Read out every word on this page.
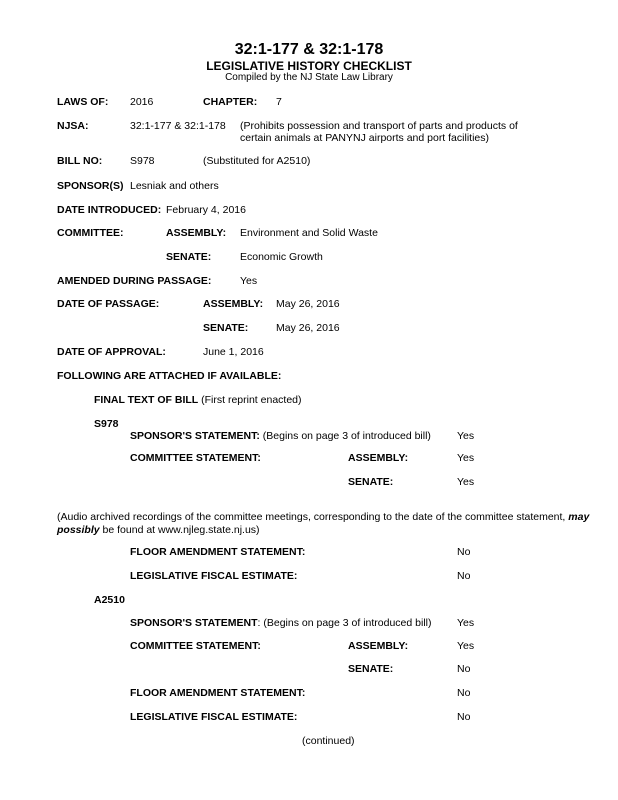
32:1-177 & 32:1-178
LEGISLATIVE HISTORY CHECKLIST
Compiled by the NJ State Law Library
LAWS OF: 2016	CHAPTER: 7
NJSA:	32:1-177 & 32:1-178 (Prohibits possession and transport of parts and products of
certain animals at PANYNJ airports and port facilities)
BILL NO:	S978	(Substituted for A2510)
SPONSOR(S) Lesniak and others
DATE INTRODUCED: February 4, 2016
COMMITTEE:	ASSEMBLY: Environment and Solid Waste
SENATE:	Economic Growth
AMENDED DURING PASSAGE:	Yes
DATE OF PASSAGE:	ASSEMBLY: May 26, 2016
SENATE:	May 26, 2016
DATE OF APPROVAL:	June 1, 2016
FOLLOWING ARE ATTACHED IF AVAILABLE:
FINAL TEXT OF BILL (First reprint enacted)
S978
SPONSOR'S STATEMENT: (Begins on page 3 of introduced bill) Yes
COMMITTEE STATEMENT:	ASSEMBLY:	Yes
SENATE:	Yes
(Audio archived recordings of the committee meetings, corresponding to the date of the committee statement, may possibly be found at www.njleg.state.nj.us)
FLOOR AMENDMENT STATEMENT:	No
LEGISLATIVE FISCAL ESTIMATE:	No
A2510
SPONSOR'S STATEMENT: (Begins on page 3 of introduced bill) Yes
COMMITTEE STATEMENT:	ASSEMBLY:	Yes
SENATE:	No
FLOOR AMENDMENT STATEMENT:	No
LEGISLATIVE FISCAL ESTIMATE:	No
(continued)
